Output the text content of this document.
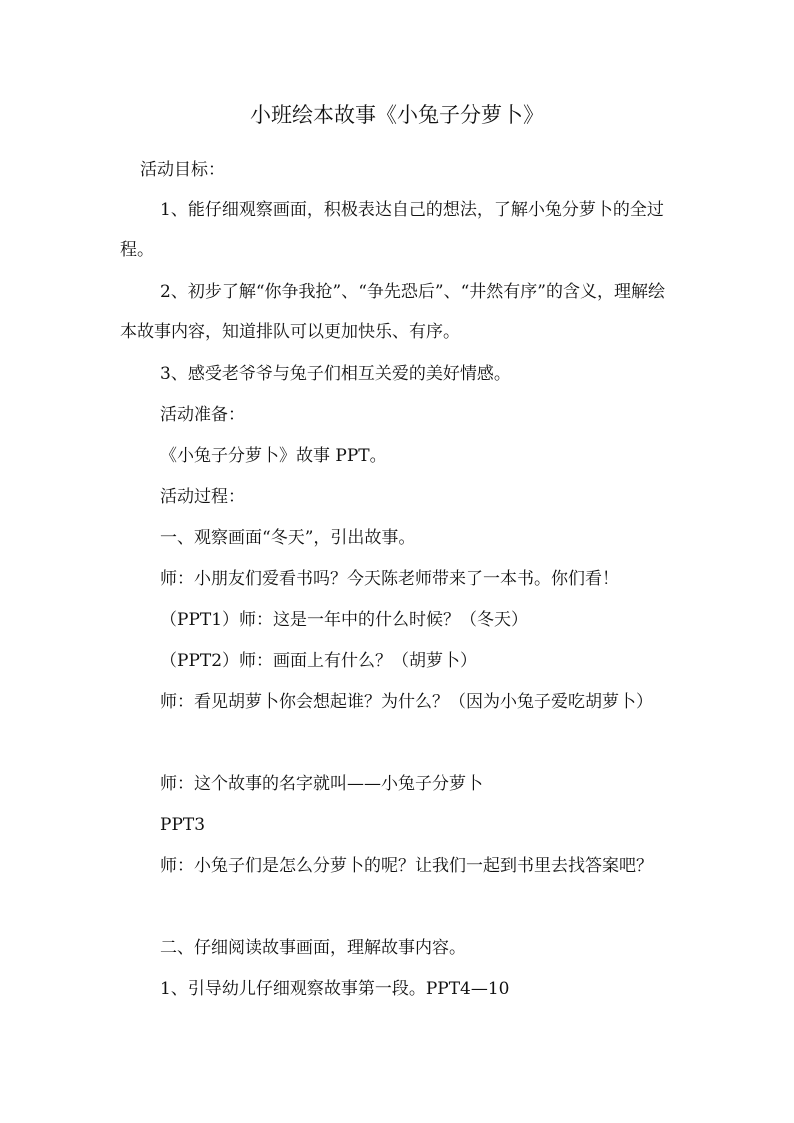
小班绘本故事《小兔子分萝卜》
活动目标：
1、能仔细观察画面，积极表达自己的想法，了解小兔分萝卜的全过程。
2、初步了解“你争我抢”、“争先恐后”、“井然有序”的含义，理解绘本故事内容，知道排队可以更加快乐、有序。
3、感受老爷爷与兔子们相互关爱的美好情感。
活动准备：
《小兔子分萝卜》故事 PPT。
活动过程：
一、观察画面“冬天”，引出故事。
师：小朋友们爱看书吗？今天陈老师带来了一本书。你们看！
（PPT1）师：这是一年中的什么时候？（冬天）
（PPT2）师：画面上有什么？（胡萝卜）
师：看见胡萝卜你会想起谁？为什么？（因为小兔子爱吃胡萝卜）
师：这个故事的名字就叫——小兔子分萝卜
PPT3
师：小兔子们是怎么分萝卜的呢？让我们一起到书里去找答案吧？
二、仔细阅读故事画面，理解故事内容。
1、引导幼儿仔细观察故事第一段。PPT4—10
